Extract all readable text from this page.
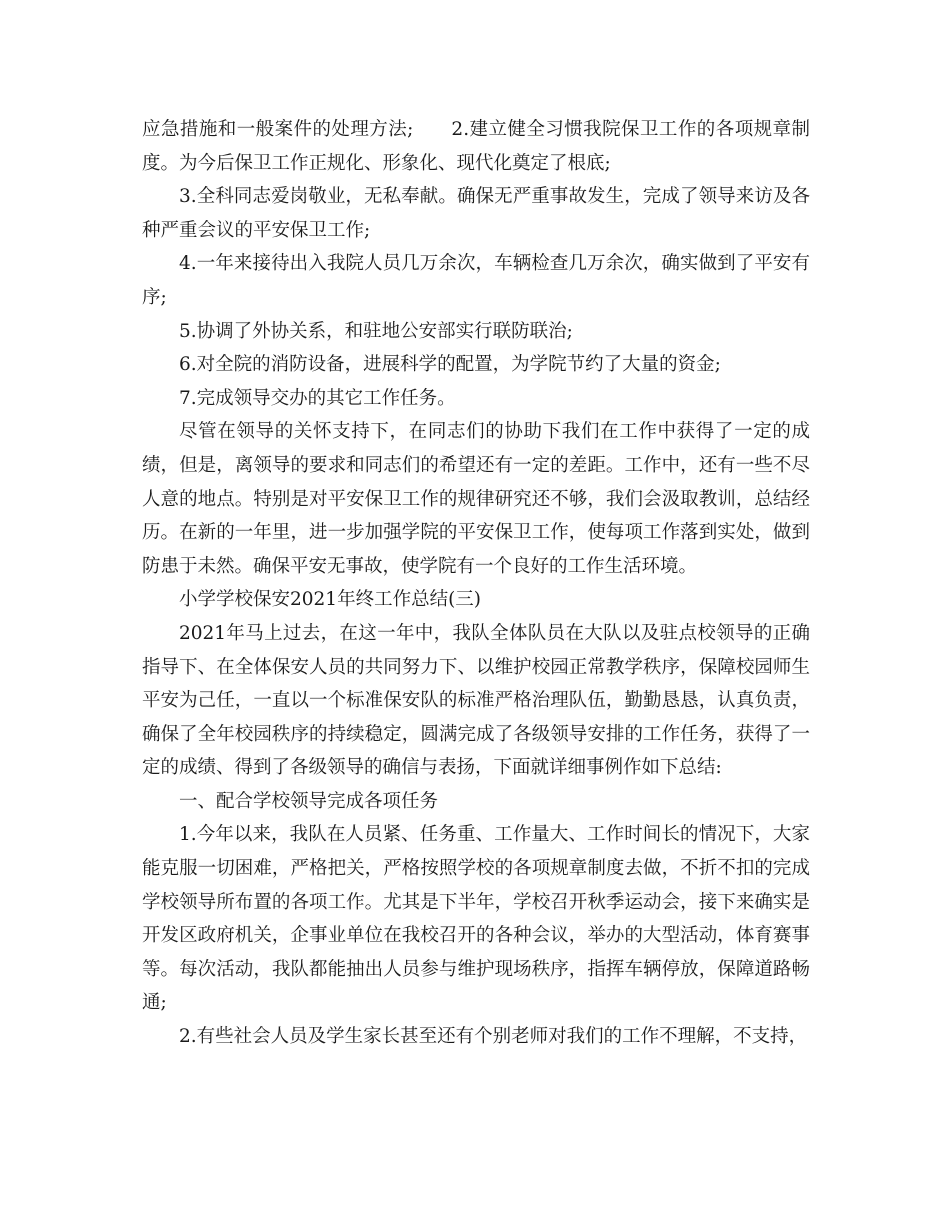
应急措施和一般案件的处理方法; 2.建立健全习惯我院保卫工作的各项规章制度。为今后保卫工作正规化、形象化、现代化奠定了根底;

3.全科同志爱岗敬业，无私奉献。确保无严重事故发生，完成了领导来访及各种严重会议的平安保卫工作;

4.一年来接待出入我院人员几万余次，车辆检查几万余次，确实做到了平安有序;

5.协调了外协关系，和驻地公安部实行联防联治;

6.对全院的消防设备，进展科学的配置，为学院节约了大量的资金;

7.完成领导交办的其它工作任务。

尽管在领导的关怀支持下，在同志们的协助下我们在工作中获得了一定的成绩，但是，离领导的要求和同志们的希望还有一定的差距。工作中，还有一些不尽人意的地点。特别是对平安保卫工作的规律研究还不够，我们会汲取教训，总结经历。在新的一年里，进一步加强学院的平安保卫工作，使每项工作落到实处，做到防患于未然。确保平安无事故，使学院有一个良好的工作生活环境。

小学学校保安2021年终工作总结(三)

2021年马上过去，在这一年中，我队全体队员在大队以及驻点校领导的正确指导下、在全体保安人员的共同努力下、以维护校园正常教学秩序，保障校园师生平安为己任，一直以一个标准保安队的标准严格治理队伍，勤勤恳恳，认真负责，确保了全年校园秩序的持续稳定，圆满完成了各级领导安排的工作任务，获得了一定的成绩、得到了各级领导的确信与表扬，下面就详细事例作如下总结:

一、配合学校领导完成各项任务

1.今年以来，我队在人员紧、任务重、工作量大、工作时间长的情况下，大家能克服一切困难，严格把关，严格按照学校的各项规章制度去做，不折不扣的完成学校领导所布置的各项工作。尤其是下半年，学校召开秋季运动会，接下来确实是开发区政府机关，企事业单位在我校召开的各种会议，举办的大型活动，体育赛事等。每次活动，我队都能抽出人员参与维护现场秩序，指挥车辆停放，保障道路畅通;

2.有些社会人员及学生家长甚至还有个别老师对我们的工作不理解，不支持，
